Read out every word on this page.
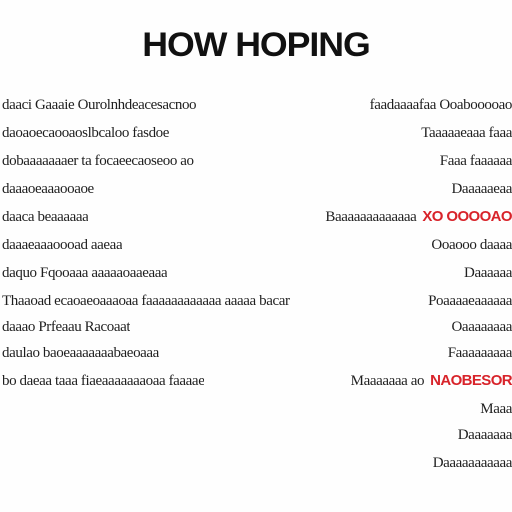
HOW HOPING
daaci Gaaaie Ourolnhdeacesacnoo
daoaoecaooaoslbcaloo fasdoe
dobaaaaaaaer ta focaeecaoseoo ao
daaaoeaaaooaoe
daaca beaaaaaa
daaaeaaaoooad aaeaa
daquo Fqooaaa aaaaaoaaeaaa
Thaaoad ecaoaeoaaaoaa faaaaaaaaaaaa aaaaa bacar
daaao Prfeaau Racoaat
daulao baoeaaaaaaabaeoaaa
bo daeaa taaa fiaeaaaaaaaoaa faaaae
faadaaaafaa Ooabooooao
Taaaaaeaaa faaa
Faaa faaaaaa
Daaaaaeaa
Baaaaaaaaaaaaa XO OOOOAO
Ooaooo daaaa
Daaaaaa
Poaaaaeaaaaaa
Oaaaaaaaa
Faaaaaaaaa
Maaaaaaa ao NAOBESOR
Maaa
Daaaaaaa
Daaaaaaaaaaa
